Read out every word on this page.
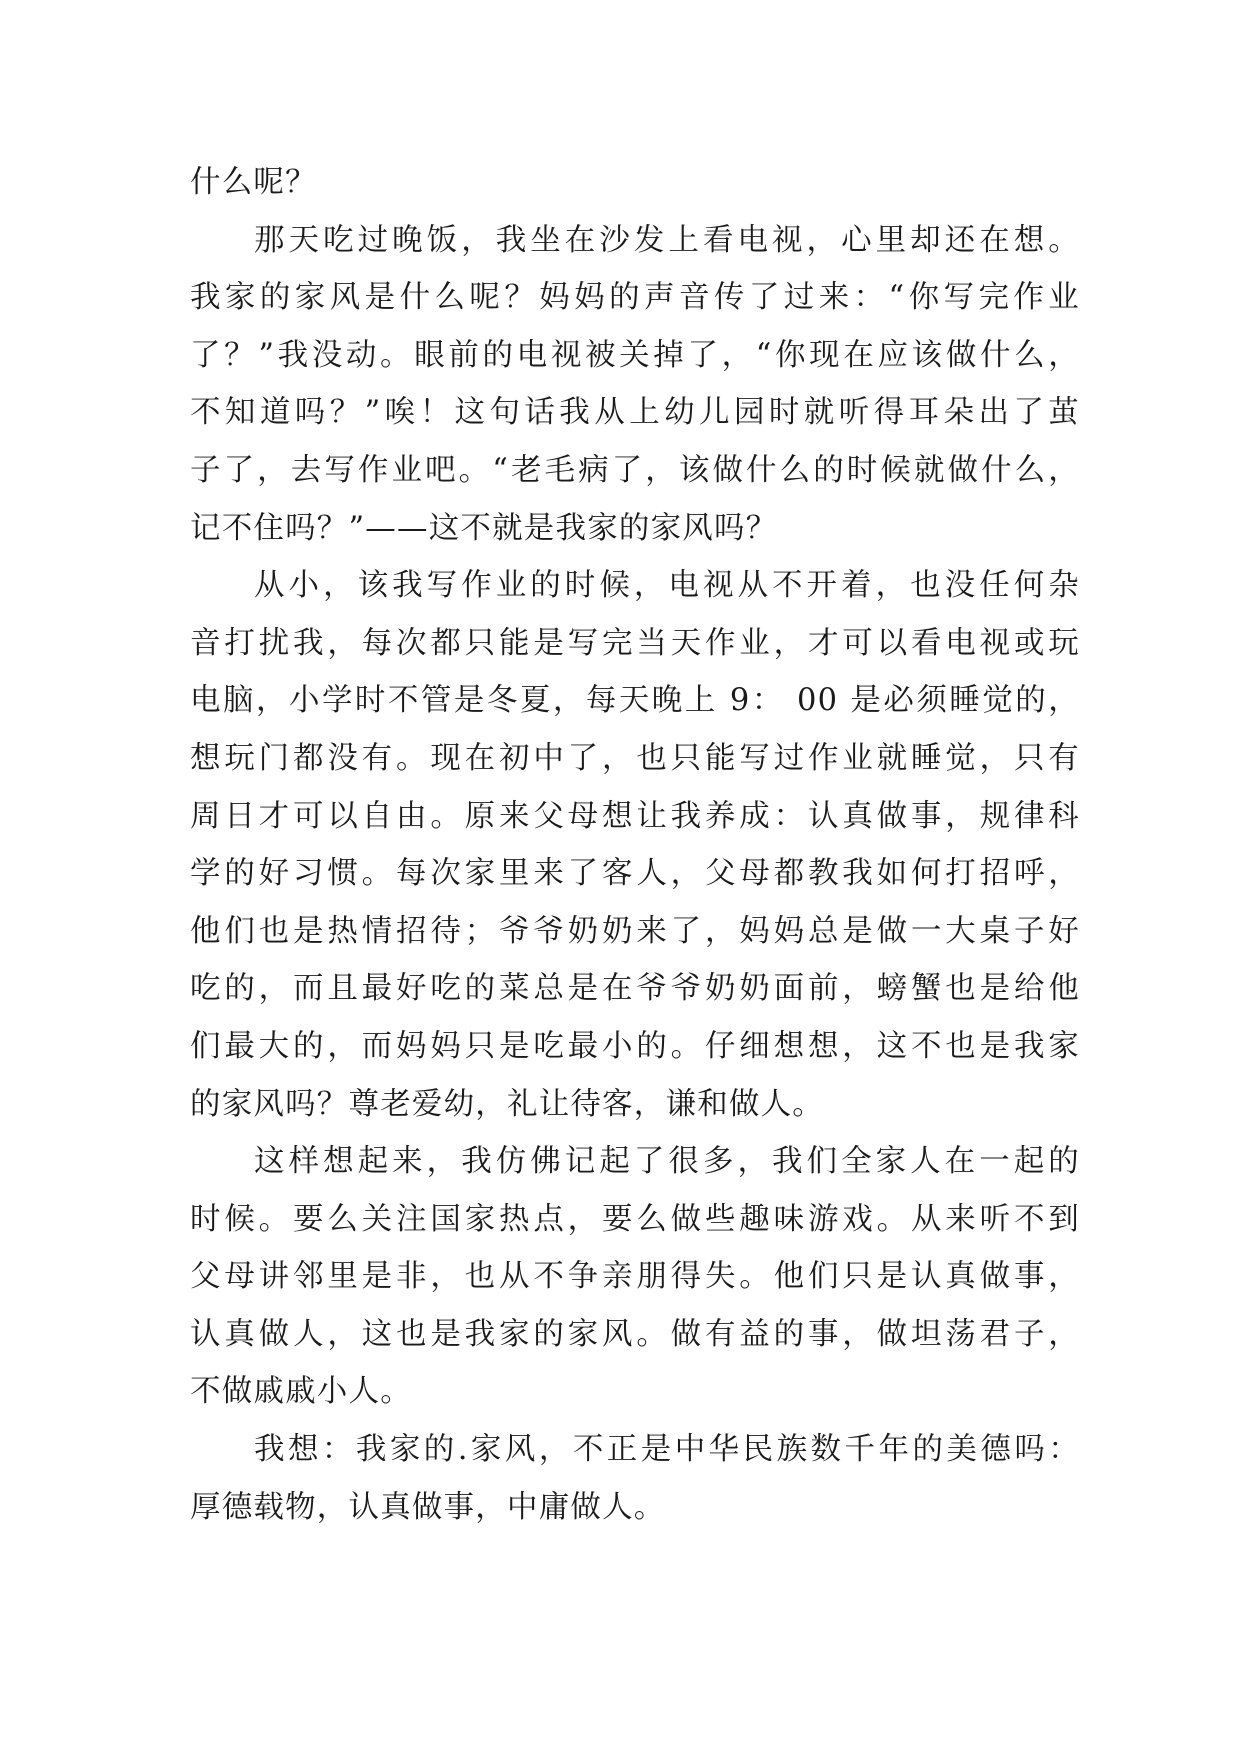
什么呢？
那天吃过晚饭，我坐在沙发上看电视，心里却还在想。
我家的家风是什么呢？妈妈的声音传了过来：“你写完作业
了？”我没动。眼前的电视被关掉了，“你现在应该做什么，
不知道吗？”唉！这句话我从上幼儿园时就听得耳朵出了茧
子了，去写作业吧。“老毛病了，该做什么的时候就做什么，
记不住吗？”——这不就是我家的家风吗？
从小，该我写作业的时候，电视从不开着，也没任何杂
音打扰我，每次都只能是写完当天作业，才可以看电视或玩
电脑，小学时不管是冬夏，每天晚上 9： 00 是必须睡觉的，
想玩门都没有。现在初中了，也只能写过作业就睡觉，只有
周日才可以自由。原来父母想让我养成：认真做事，规律科
学的好习惯。每次家里来了客人，父母都教我如何打招呼，
他们也是热情招待；爷爷奶奶来了，妈妈总是做一大桌子好
吃的，而且最好吃的菜总是在爷爷奶奶面前，螃蟹也是给他
们最大的，而妈妈只是吃最小的。仔细想想，这不也是我家
的家风吗？尊老爱幼，礼让待客，谦和做人。
这样想起来，我仿佛记起了很多，我们全家人在一起的
时候。要么关注国家热点，要么做些趣味游戏。从来听不到
父母讲邻里是非，也从不争亲朋得失。他们只是认真做事，
认真做人，这也是我家的家风。做有益的事，做坦荡君子，
不做戚戚小人。
我想：我家的.家风，不正是中华民族数千年的美德吗：
厚德载物，认真做事，中庸做人。
